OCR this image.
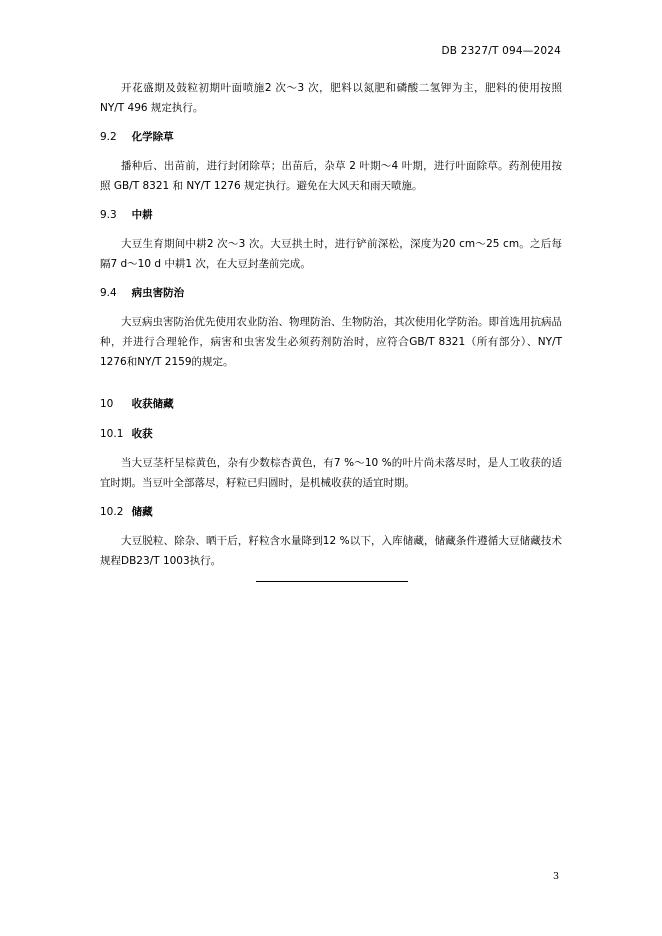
DB 2327/T 094—2024

开花盛期及鼓粒初期叶面喷施2 次～3 次，肥料以氮肥和磷酸二氢钾为主，肥料的使用按照NY/T 496 规定执行。

9.2 化学除草

播种后、出苗前，进行封闭除草；出苗后，杂草 2 叶期～4 叶期，进行叶面除草。药剂使用按照 GB/T 8321 和 NY/T 1276 规定执行。避免在大风天和雨天喷施。

9.3 中耕

大豆生育期间中耕2 次～3 次。大豆拱土时，进行铲前深松，深度为20 cm～25 cm。之后每隔7 d～10 d 中耕1 次，在大豆封垄前完成。

9.4 病虫害防治

大豆病虫害防治优先使用农业防治、物理防治、生物防治，其次使用化学防治。即首选用抗病品种，并进行合理轮作，病害和虫害发生必须药剂防治时，应符合GB/T 8321（所有部分）、NY/T 1276和NY/T 2159的规定。

10 收获储藏
10.1 收获

当大豆茎杆呈棕黄色，杂有少数棕杏黄色，有7 %～10 %的叶片尚未落尽时，是人工收获的适宜时期。当豆叶全部落尽，籽粒已归圆时，是机械收获的适宜时期。

10.2 储藏

大豆脱粒、除杂、晒干后，籽粒含水量降到12 %以下，入库储藏，储藏条件遵循大豆储藏技术规程DB23/T 1003执行。

3
